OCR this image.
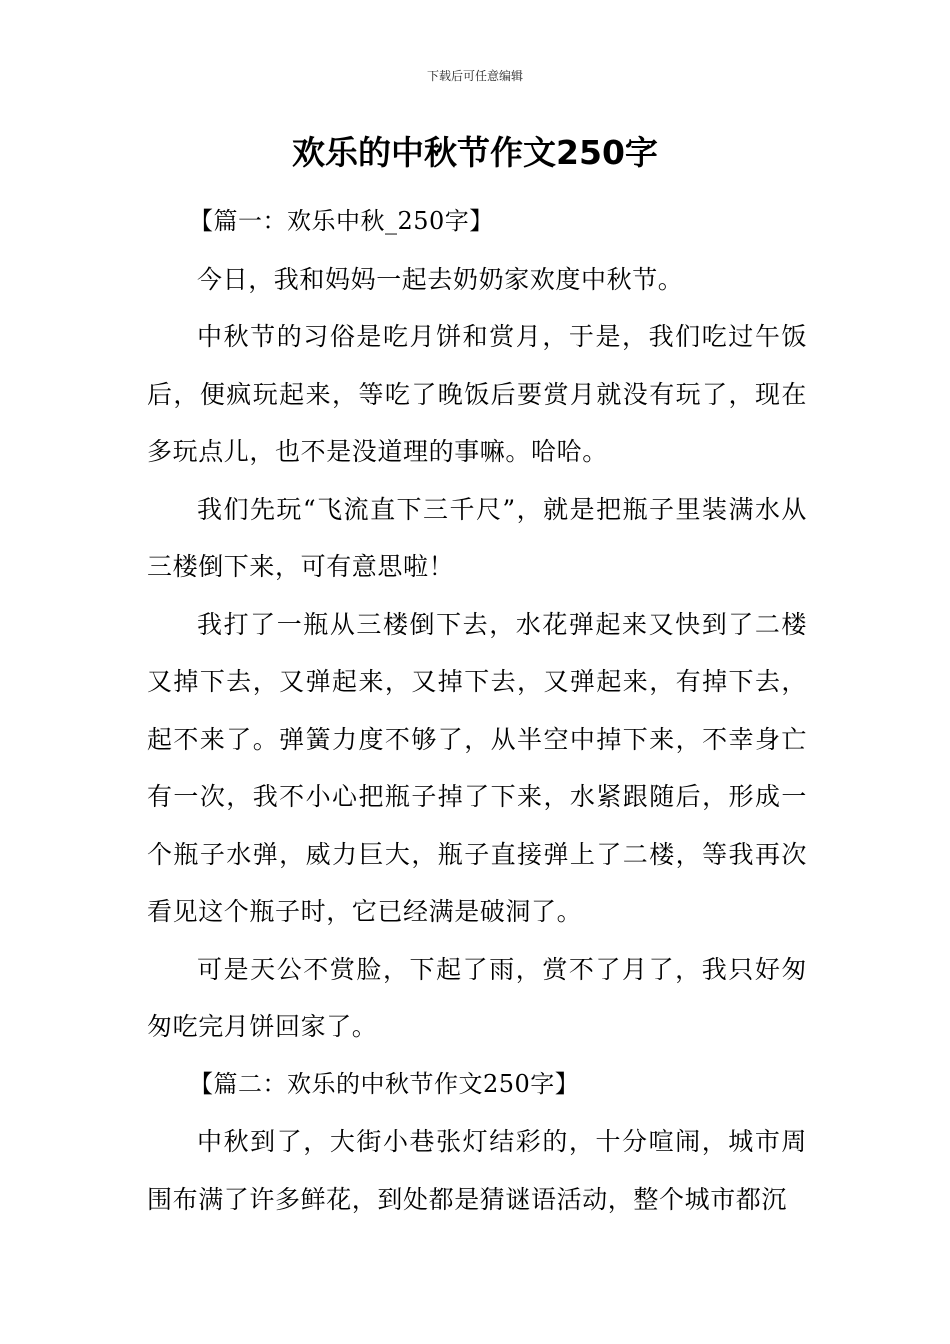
下载后可任意编辑
欢乐的中秋节作文250字
【篇一：欢乐中秋_250字】

今日，我和妈妈一起去奶奶家欢度中秋节。

中秋节的习俗是吃月饼和赏月，于是，我们吃过午饭后，便疯玩起来，等吃了晚饭后要赏月就没有玩了，现在多玩点儿，也不是没道理的事嘛。哈哈。

我们先玩“飞流直下三千尺”，就是把瓶子里装满水从三楼倒下来，可有意思啦！

我打了一瓶从三楼倒下去，水花弹起来又快到了二楼又掉下去，又弹起来，又掉下去，又弹起来，有掉下去，起不来了。弹簧力度不够了，从半空中掉下来，不幸身亡有一次，我不小心把瓶子掉了下来，水紧跟随后，形成一个瓶子水弹，威力巨大，瓶子直接弹上了二楼，等我再次看见这个瓶子时，它已经满是破洞了。

可是天公不赏脸，下起了雨，赏不了月了，我只好匆匆吃完月饼回家了。

【篇二：欢乐的中秋节作文250字】

中秋到了，大街小巷张灯结彩的，十分喧闹，城市周围布满了许多鲜花，到处都是猜谜语活动，整个城市都沉
